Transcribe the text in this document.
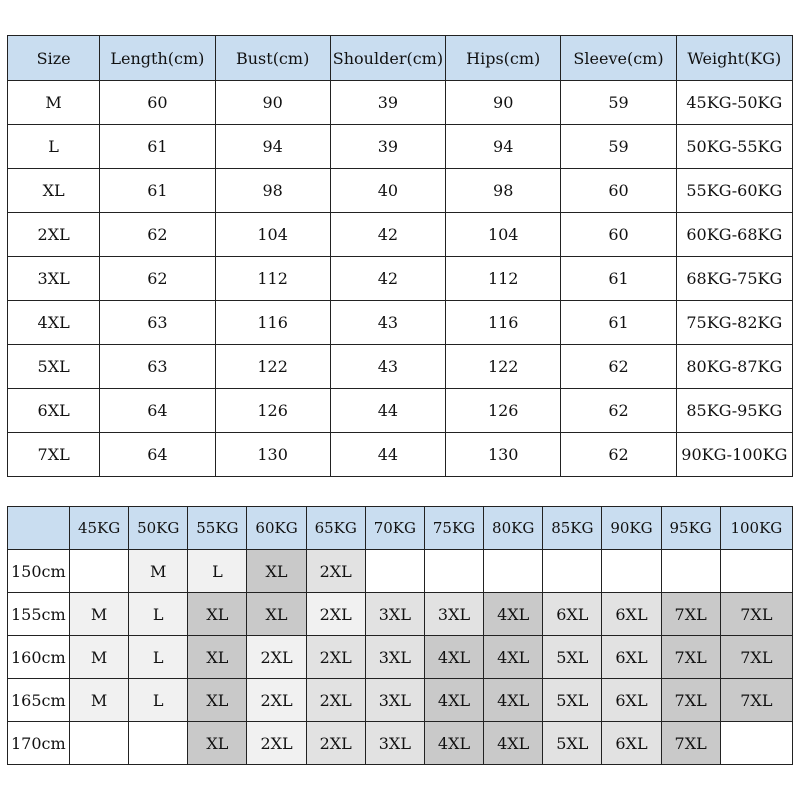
Size	Length(cm)	Bust(cm)	Shoulder(cm)	Hips(cm)	Sleeve(cm)	Weight(KG)
M	60	90	39	90	59	45KG-50KG
L	61	94	39	94	59	50KG-55KG
XL	61	98	40	98	60	55KG-60KG
2XL	62	104	42	104	60	60KG-68KG
3XL	62	112	42	112	61	68KG-75KG
4XL	63	116	43	116	61	75KG-82KG
5XL	63	122	43	122	62	80KG-87KG
6XL	64	126	44	126	62	85KG-95KG
7XL	64	130	44	130	62	90KG-100KG
	45KG	50KG	55KG	60KG	65KG	70KG	75KG	80KG	85KG	90KG	95KG	100KG
150cm		M	L	XL	2XL							
155cm	M	L	XL	XL	2XL	3XL	3XL	4XL	6XL	6XL	7XL	7XL
160cm	M	L	XL	2XL	2XL	3XL	4XL	4XL	5XL	6XL	7XL	7XL
165cm	M	L	XL	2XL	2XL	3XL	4XL	4XL	5XL	6XL	7XL	7XL
170cm			XL	2XL	2XL	3XL	4XL	4XL	5XL	6XL	7XL	
